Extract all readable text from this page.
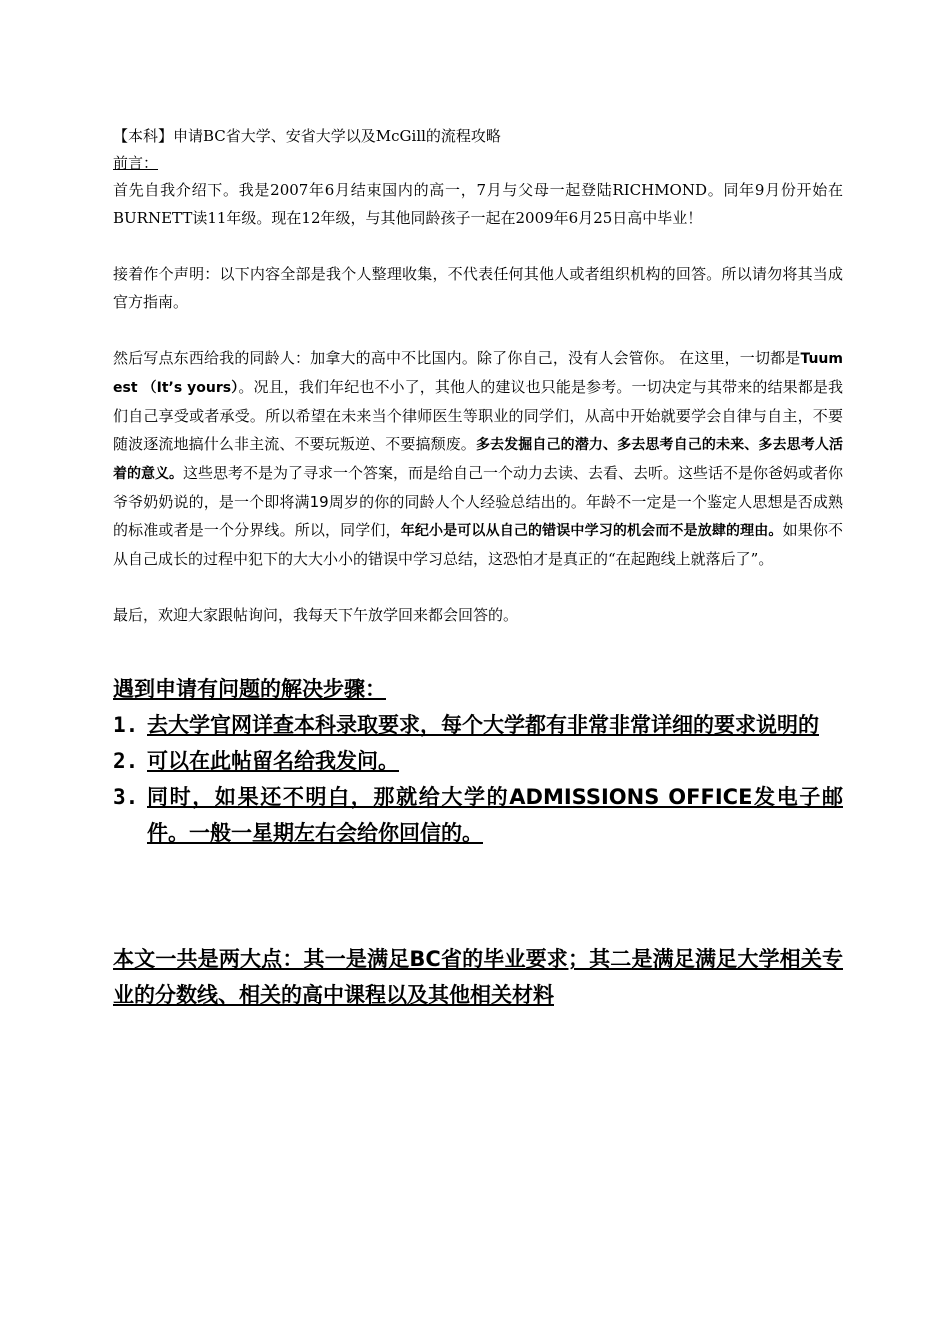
【本科】申请BC省大学、安省大学以及McGill的流程攻略

前言：

首先自我介绍下。我是2007年6月结束国内的高一，7月与父母一起登陆RICHMOND。同年9月份开始在BURNETT读11年级。现在12年级，与其他同龄孩子一起在2009年6月25日高中毕业！

接着作个声明：以下内容全部是我个人整理收集，不代表任何其他人或者组织机构的回答。所以请勿将其当成官方指南。

然后写点东西给我的同龄人：加拿大的高中不比国内。除了你自己，没有人会管你。 在这里，一切都是Tuum est （It’s yours）。况且，我们年纪也不小了，其他人的建议也只能是参考。一切决定与其带来的结果都是我们自己享受或者承受。所以希望在未来当个律师医生等职业的同学们，从高中开始就要学会自律与自主，不要随波逐流地搞什么非主流、不要玩叛逆、不要搞颓废。多去发掘自己的潜力、多去思考自己的未来、多去思考人活着的意义。这些思考不是为了寻求一个答案，而是给自己一个动力去读、去看、去听。这些话不是你爸妈或者你爷爷奶奶说的，是一个即将满19周岁的你的同龄人个人经验总结出的。年龄不一定是一个鉴定人思想是否成熟的标准或者是一个分界线。所以，同学们，年纪小是可以从自己的错误中学习的机会而不是放肆的理由。如果你不从自己成长的过程中犯下的大大小小的错误中学习总结，这恐怕才是真正的“在起跑线上就落后了”。

最后，欢迎大家跟帖询问，我每天下午放学回来都会回答的。

遇到申请有问题的解决步骤：

1. 去大学官网详查本科录取要求，每个大学都有非常非常详细的要求说明的
2. 可以在此帖留名给我发问。
3. 同时，如果还不明白，那就给大学的ADMISSIONS OFFICE发电子邮件。一般一星期左右会给你回信的。

本文一共是两大点：其一是满足BC省的毕业要求；其二是满足满足大学相关专业的分数线、相关的高中课程以及其他相关材料
